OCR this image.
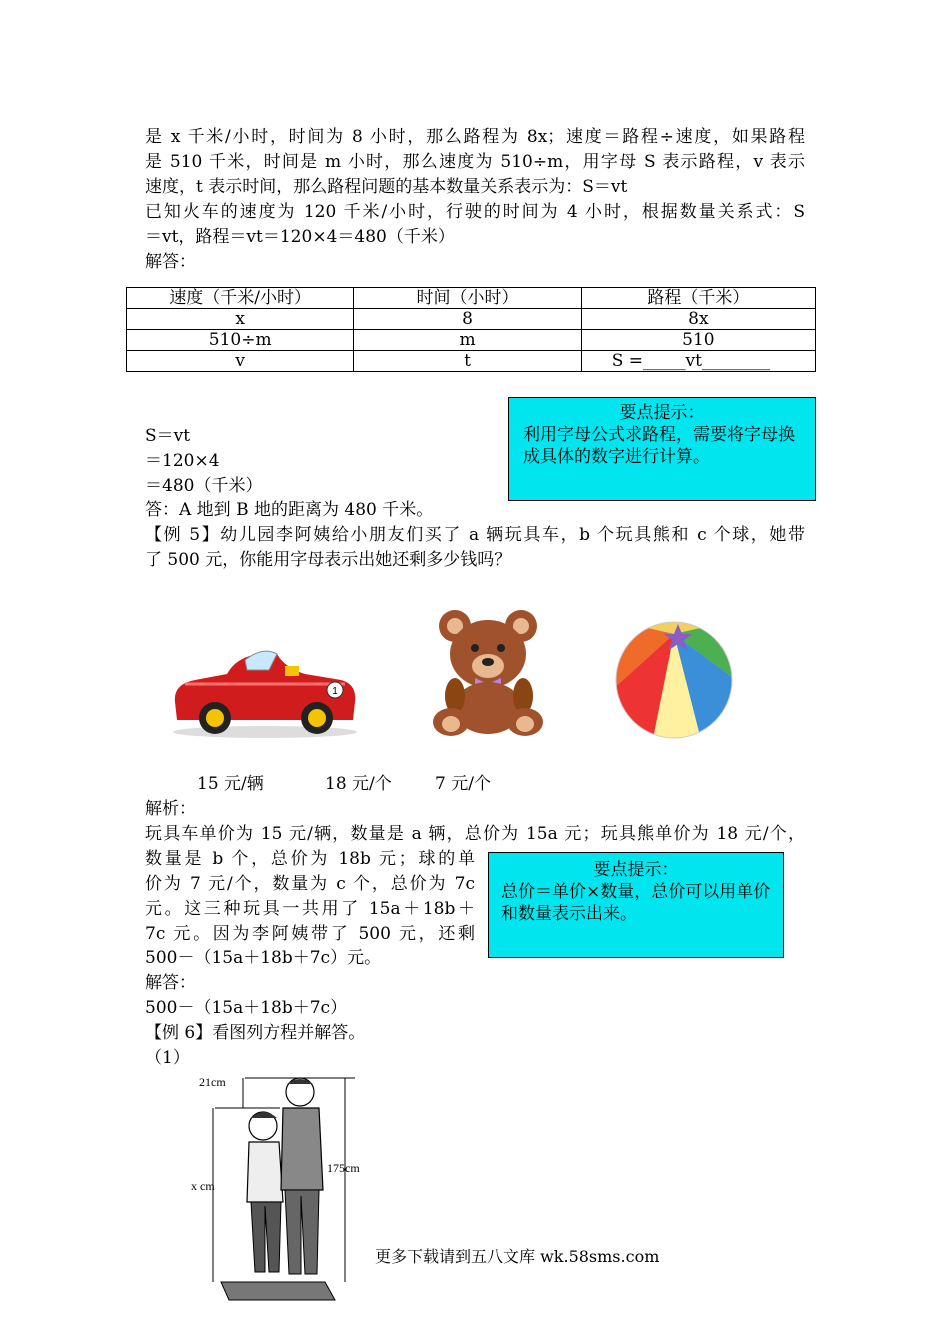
是 x 千米/小时，时间为 8 小时，那么路程为 8x；速度＝路程÷速度，如果路程
是 510 千米，时间是 m 小时，那么速度为 510÷m，用字母 S 表示路程，v 表示
速度，t 表示时间，那么路程问题的基本数量关系表示为：S＝vt
已知火车的速度为 120 千米/小时，行驶的时间为 4 小时，根据数量关系式：S
＝vt，路程＝vt＝120×4＝480（千米）
解答：
速度（千米/小时）	时间（小时）	路程（千米）
x	8	8x
510÷m	m	510
v	t	S =_____vt________
要点提示：
利用字母公式求路程，需要将字母换成具体的数字进行计算。
S＝vt
＝120×4
＝480（千米）
答：A 地到 B 地的距离为 480 千米。
【例 5】幼儿园李阿姨给小朋友们买了 a 辆玩具车，b 个玩具熊和 c 个球，她带
了 500 元，你能用字母表示出她还剩多少钱吗？
1
15 元/辆	18 元/个	7 元/个
解析：
玩具车单价为 15 元/辆，数量是 a 辆，总价为 15a 元；玩具熊单价为 18 元/个，
数量是 b 个，总价为 18b 元；球的单
价为 7 元/个，数量为 c 个，总价为 7c
元。这三种玩具一共用了 15a＋18b＋
7c 元。因为李阿姨带了 500 元，还剩
500－（15a＋18b＋7c）元。
解答：
500－（15a＋18b＋7c）
要点提示：
总价＝单价×数量，总价可以用单价和数量表示出来。
【例 6】看图列方程并解答。
（1）
21cm
175cm
x cm
更多下载请到五八文库 wk.58sms.com
